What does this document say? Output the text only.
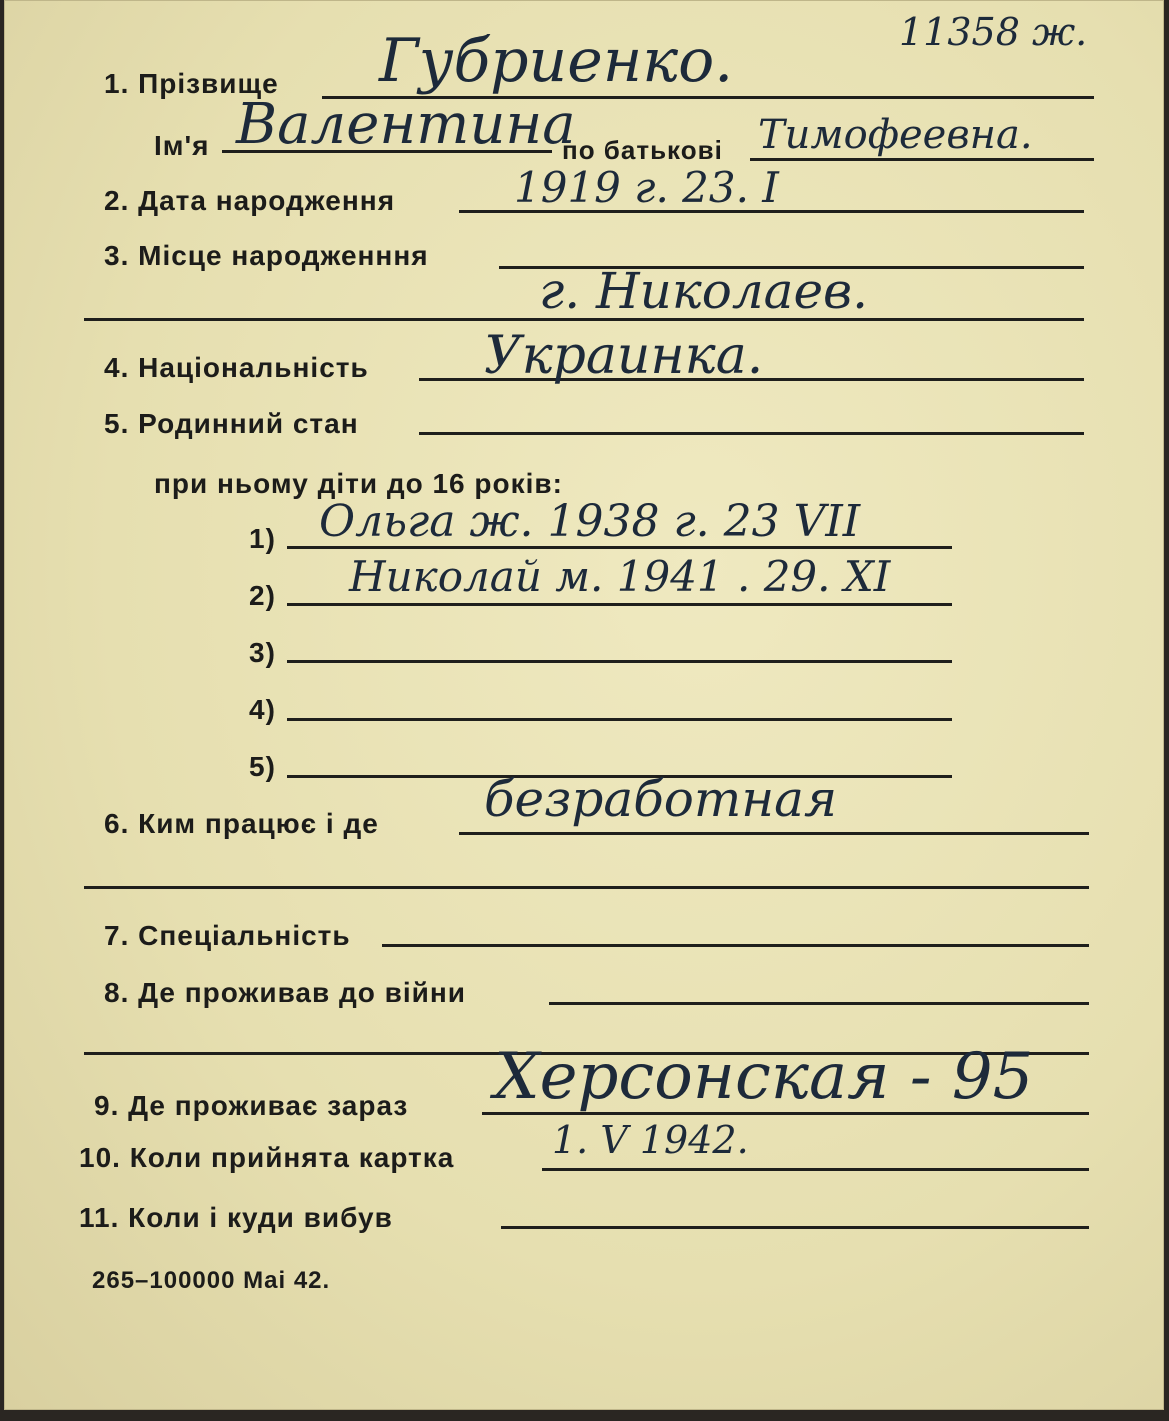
11358 ж.
1. Прізвище Губриенко.
Ім'я Валентина
по батькові Тимофеевна.
2. Дата народження	1919 г. 23. I
3. Місце народженння
г. Николаев.
4. Національність Украинка.
5. Родинний стан
при ньому діти до 16 років:
1) Ольга ж. 1938 г. 23 VII
2) Николай м. 1941 . 29. XI
3)
4)
5)
6. Ким працює і де безработная
7. Спеціальність
8. Де проживав до війни
9. Де проживає зараз Херсонская - 95
10. Коли прийнята картка	1. V 1942.
11. Коли і куди вибув
265–100000 Mai 42.
